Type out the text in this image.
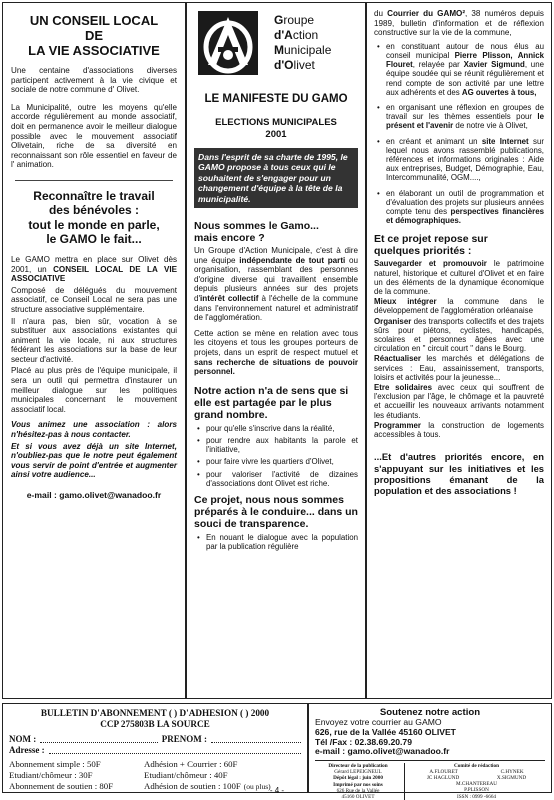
UN CONSEIL LOCAL
DE
LA VIE ASSOCIATIVE

Une centaine d'associations diverses participent activement à la vie civique et sociale de notre commune d' Olivet.

La Municipalité, outre les moyens qu'elle accorde régulièrement au monde associatif, doit en permanence avoir le meilleur dialogue possible avec le mouvement associatif Olivetain, riche de sa diversité en reconnaissant son rôle essentiel en faveur de l' animation.

Reconnaître le travail
des bénévoles :
tout le monde en parle,
le GAMO le fait...

Le GAMO mettra en place sur Olivet dès 2001, un CONSEIL LOCAL DE LA VIE ASSOCIATIVE

Composé de délégués du mouvement associatif, ce Conseil Local ne sera pas une structure associative supplémentaire.

Il n'aura pas, bien sûr, vocation à se substituer aux associations existantes qui animent la vie locale, ni aux structures fédérant les associations sur la base de leur secteur d'activité.

Placé au plus près de l'équipe municipale, il sera un outil qui permettra d'instaurer un meilleur dialogue sur les politiques municipales concernant le mouvement associatif local.

Vous animez une association : alors n'hésitez-pas à nous contacter.

Et si vous avez déjà un site Internet, n'oubliez-pas que le notre peut également vous servir de point d'entrée et augmenter ainsi votre audience...

e-mail : gamo.olivet@wanadoo.fr
Groupe
d'Action
Municipale
d'Olivet
LE MANIFESTE DU GAMO
ELECTIONS MUNICIPALES
2001
Dans l'esprit de sa charte de 1995, le GAMO propose à tous ceux qui le souhaitent de s'engager pour un changement d'équipe à la tête de la municipalité.
Nous sommes le Gamo...
mais encore ?

Un Groupe d'Action Municipale, c'est à dire une équipe indépendante de tout parti ou organisation, rassemblant des personnes d'origine diverse qui travaillent ensemble depuis plusieurs années sur des projets d'intérêt collectif à l'échelle de la commune dans l'environnement naturel et administratif de l'agglomération.

Cette action se mène en relation avec tous les citoyens et tous les groupes porteurs de projets, dans un esprit de respect mutuel et sans recherche de situations de pouvoir personnel.

Notre action n'a de sens que si elle est partagée par le plus grand nombre.
• pour qu'elle s'inscrive dans la réalité,
• pour rendre aux habitants la parole et l'initiative,
• pour faire vivre les quartiers d'Olivet,
• pour valoriser l'activité de dizaines d'associations dont Olivet est riche.
Ce projet, nous nous sommes préparés à le conduire... dans un souci de transparence.
• En nouant le dialogue avec la population par la publication régulière

du Courrier du GAMO², 38 numéros depuis 1989, bulletin d'information et de réflexion constructive sur la vie de la commune,

• en constituant autour de nous élus au conseil municipal Pierre Plisson, Annick Flouret, relayée par Xavier Sigmund, une équipe soudée qui se réunit régulièrement et rend compte de son activité par une lettre aux adhérents et des AG ouvertes à tous,
• en organisant une réflexion en groupes de travail sur les thèmes essentiels pour le présent et l'avenir de notre vie à Olivet,
• en créant et animant un site Internet sur lequel nous avons rassemblé publications, références et informations originales : Aide aux entreprises, Budget, Démographie, Eau, Intercommunalité, OGM....,
• en élaborant un outil de programmation et d'évaluation des projets sur plusieurs années compte tenu des perspectives financières et démographiques.
Et ce projet repose sur
quelques priorités :

Sauvegarder et promouvoir le patrimoine naturel, historique et culturel d'Olivet et en faire un des éléments de la dynamique économique de la commune.

Mieux intégrer la commune dans le développement de l'agglomération orléanaise

Organiser des transports collectifs et des trajets sûrs pour piétons, cyclistes, handicapés, scolaires et personnes âgées avec une circulation en " circuit court " dans le Bourg.

Réactualiser les marchés et délégations de services : Eau, assainissement, transports, loisirs et activités pour la jeunesse...

Etre solidaires avec ceux qui souffrent de l'exclusion par l'âge, le chômage et la pauvreté et accueillir les nouveaux arrivants notamment les étudiants.

Programmer la construction de logements accessibles à tous.

...Et d'autres priorités encore, en s'appuyant sur les initiatives et les propositions émanant de la population et des associations !

BULLETIN D'ABONNEMENT ( ) D'ADHESION ( ) 2000
CCP 275803B LA SOURCE
NOM :	PRENOM :
Adresse :
Abonnement simple : 50F	Adhésion + Courrier : 60F
Etudiant/chômeur : 30F	Etudiant/chômeur : 40F
Abonnement de soutien : 80F	Adhésion de soutien : 100F (ou plus)
Soutenez notre action
Envoyez votre courrier au GAMO
626, rue de la Vallée 45160 OLIVET
Tél /Fax : 02.38.69.20.79
e-mail : gamo.olivet@wanadoo.fr
Directeur de la publication
Gérard LEPEIGNEUL
Dépôt légal : juin 2000
Imprimé par nos soins
626 Rue de la Vallée
45160 OLIVET
Comité de rédaction
A.FLOURET	C.HYNEK
JC HAGLUND	X.SIGMUND
M.CHANTEREAU
P.PLISSON
ISSN : 0999 -6664
- 4 -
